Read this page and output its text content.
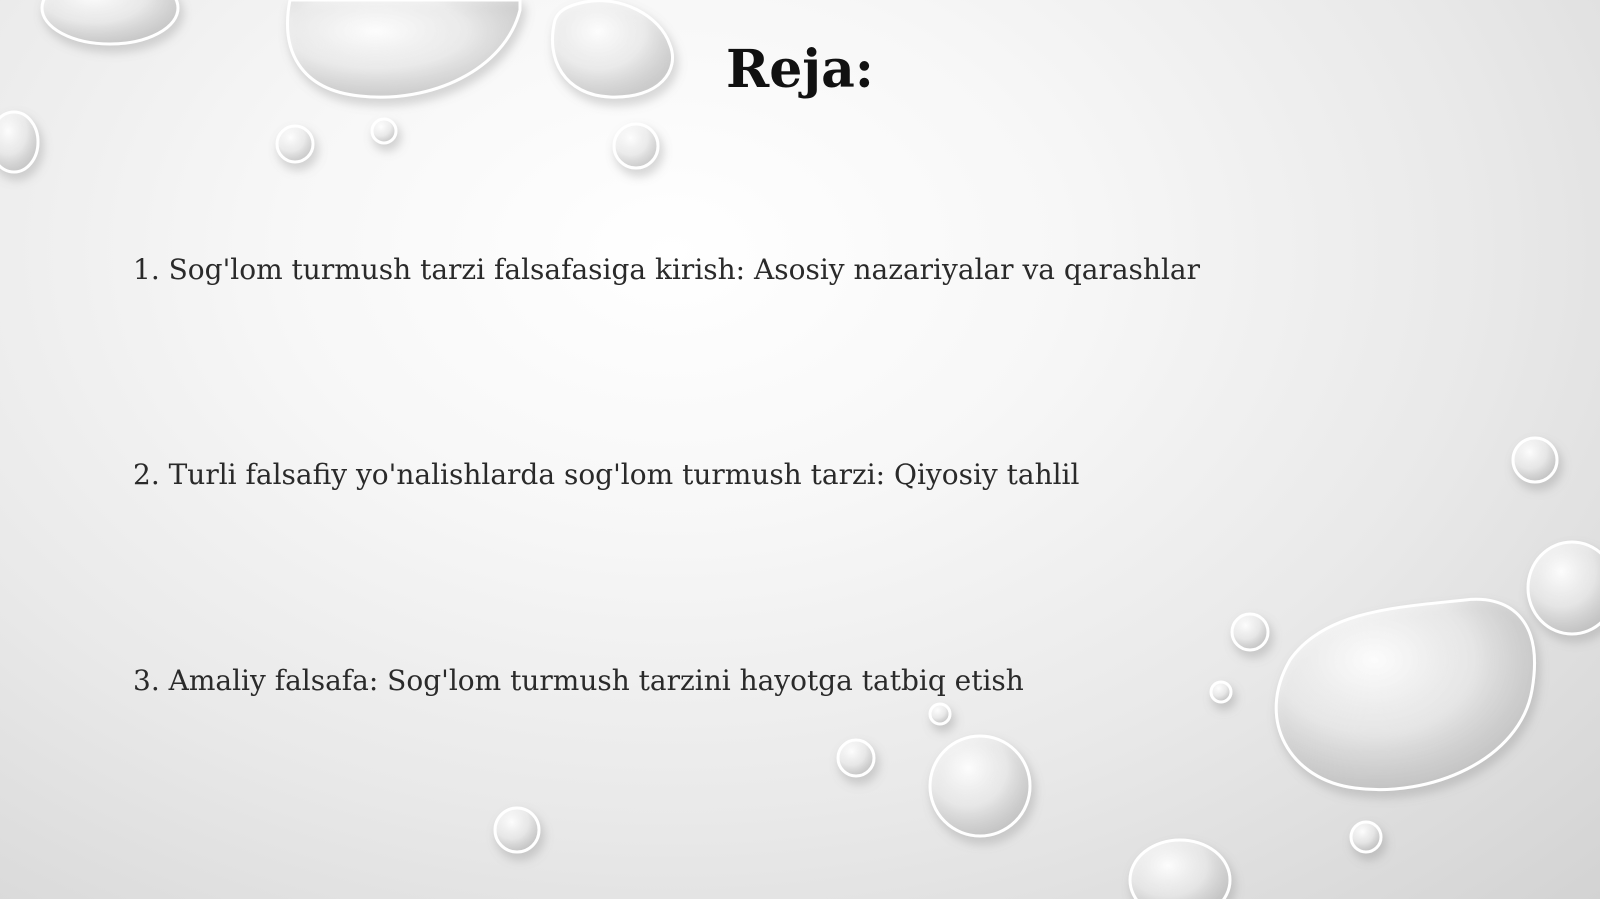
Reja:
1. Sog'lom turmush tarzi falsafasiga kirish: Asosiy nazariyalar va qarashlar
2. Turli falsafiy yo'nalishlarda sog'lom turmush tarzi: Qiyosiy tahlil
3. Amaliy falsafa: Sog'lom turmush tarzini hayotga tatbiq etish
